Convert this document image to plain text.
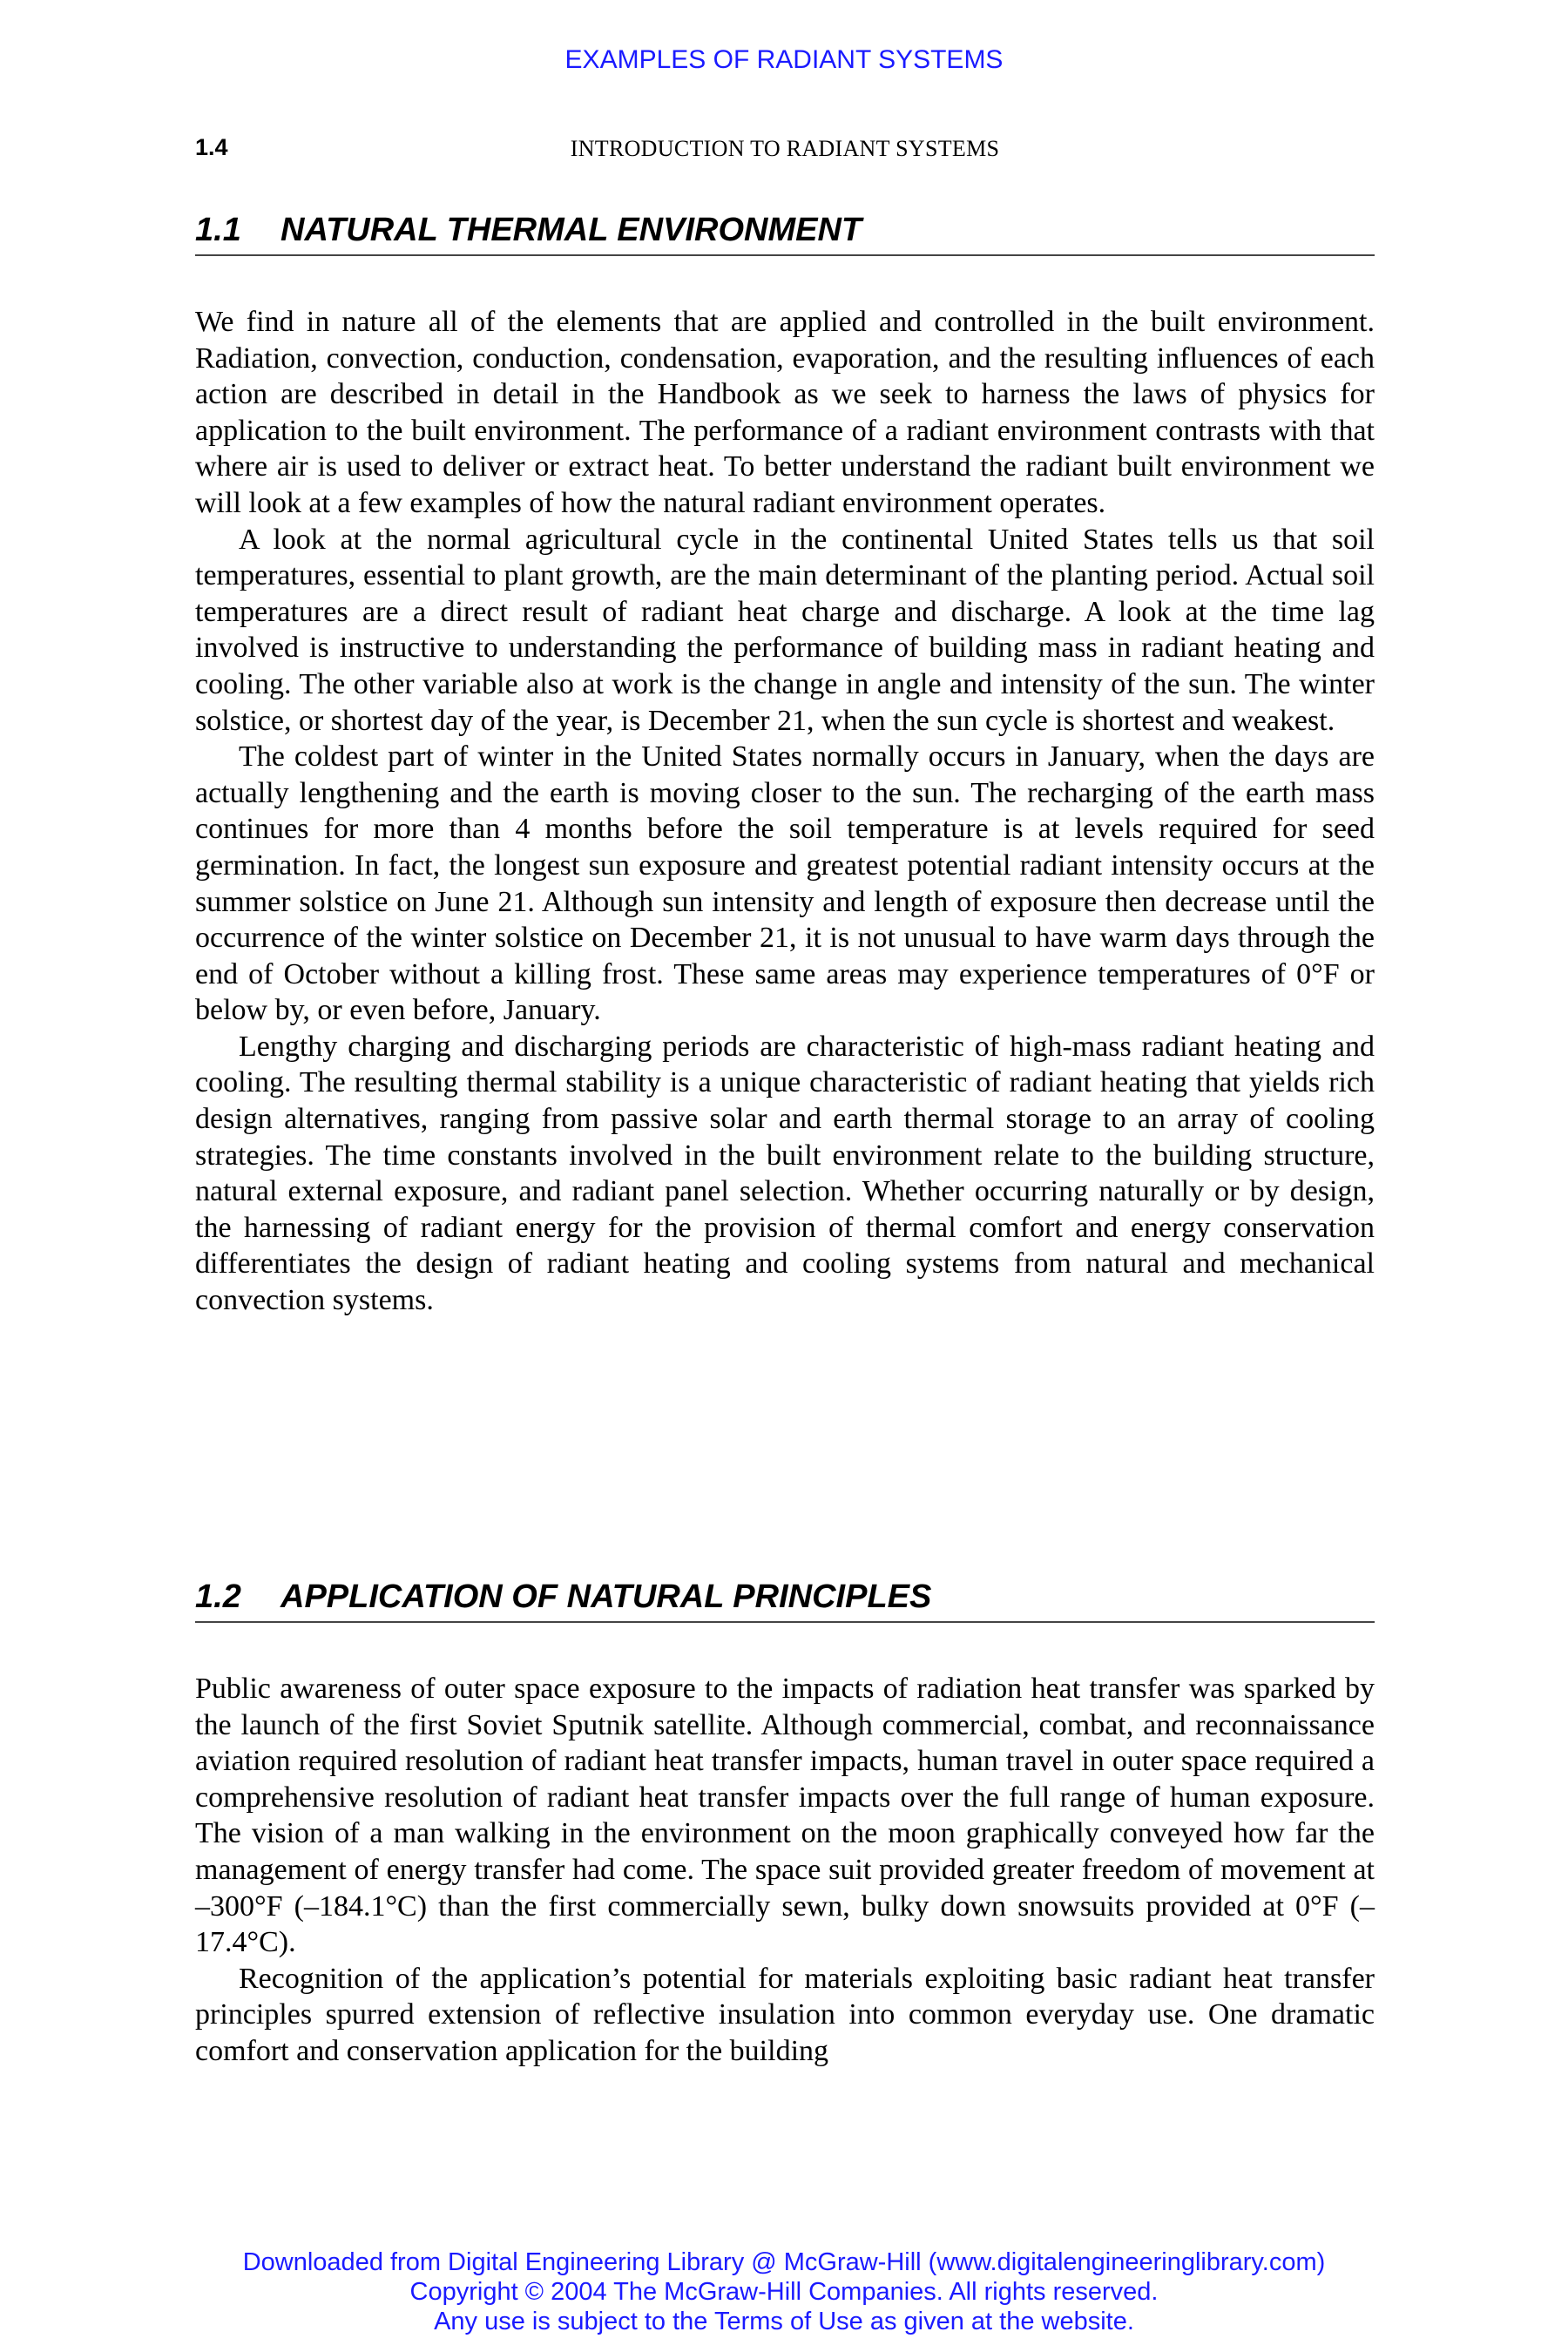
EXAMPLES OF RADIANT SYSTEMS
1.4	INTRODUCTION TO RADIANT SYSTEMS
1.1 NATURAL THERMAL ENVIRONMENT

We find in nature all of the elements that are applied and controlled in the built environment. Radiation, convection, conduction, condensation, evaporation, and the resulting influences of each action are described in detail in the Handbook as we seek to harness the laws of physics for application to the built environment. The performance of a radiant environment contrasts with that where air is used to deliver or extract heat. To better understand the radiant built environment we will look at a few examples of how the natural radiant environment operates.

A look at the normal agricultural cycle in the continental United States tells us that soil temperatures, essential to plant growth, are the main determinant of the planting period. Actual soil temperatures are a direct result of radiant heat charge and discharge. A look at the time lag involved is instructive to understanding the performance of building mass in radiant heating and cooling. The other variable also at work is the change in angle and intensity of the sun. The winter solstice, or shortest day of the year, is December 21, when the sun cycle is shortest and weakest.

The coldest part of winter in the United States normally occurs in January, when the days are actually lengthening and the earth is moving closer to the sun. The recharging of the earth mass continues for more than 4 months before the soil temperature is at levels required for seed germination. In fact, the longest sun exposure and greatest potential radiant intensity occurs at the summer solstice on June 21. Although sun intensity and length of exposure then decrease until the occurrence of the winter solstice on December 21, it is not unusual to have warm days through the end of October without a killing frost. These same areas may experience temperatures of 0°F or below by, or even before, January.

Lengthy charging and discharging periods are characteristic of high-mass radiant heating and cooling. The resulting thermal stability is a unique characteristic of radiant heating that yields rich design alternatives, ranging from passive solar and earth thermal storage to an array of cooling strategies. The time constants involved in the built environment relate to the building structure, natural external exposure, and radiant panel selection. Whether occurring naturally or by design, the harnessing of radiant energy for the provision of thermal comfort and energy conservation differentiates the design of radiant heating and cooling systems from natural and mechanical convection systems.

1.2 APPLICATION OF NATURAL PRINCIPLES

Public awareness of outer space exposure to the impacts of radiation heat transfer was sparked by the launch of the first Soviet Sputnik satellite. Although commercial, combat, and reconnaissance aviation required resolution of radiant heat transfer impacts, human travel in outer space required a comprehensive resolution of radiant heat transfer impacts over the full range of human exposure. The vision of a man walking in the environment on the moon graphically conveyed how far the management of energy transfer had come. The space suit provided greater freedom of movement at –300°F (–184.1°C) than the first commercially sewn, bulky down snowsuits provided at 0°F (–17.4°C).

Recognition of the application’s potential for materials exploiting basic radiant heat transfer principles spurred extension of reflective insulation into common everyday use. One dramatic comfort and conservation application for the building

Downloaded from Digital Engineering Library @ McGraw-Hill (www.digitalengineeringlibrary.com)
Copyright © 2004 The McGraw-Hill Companies. All rights reserved.
Any use is subject to the Terms of Use as given at the website.
